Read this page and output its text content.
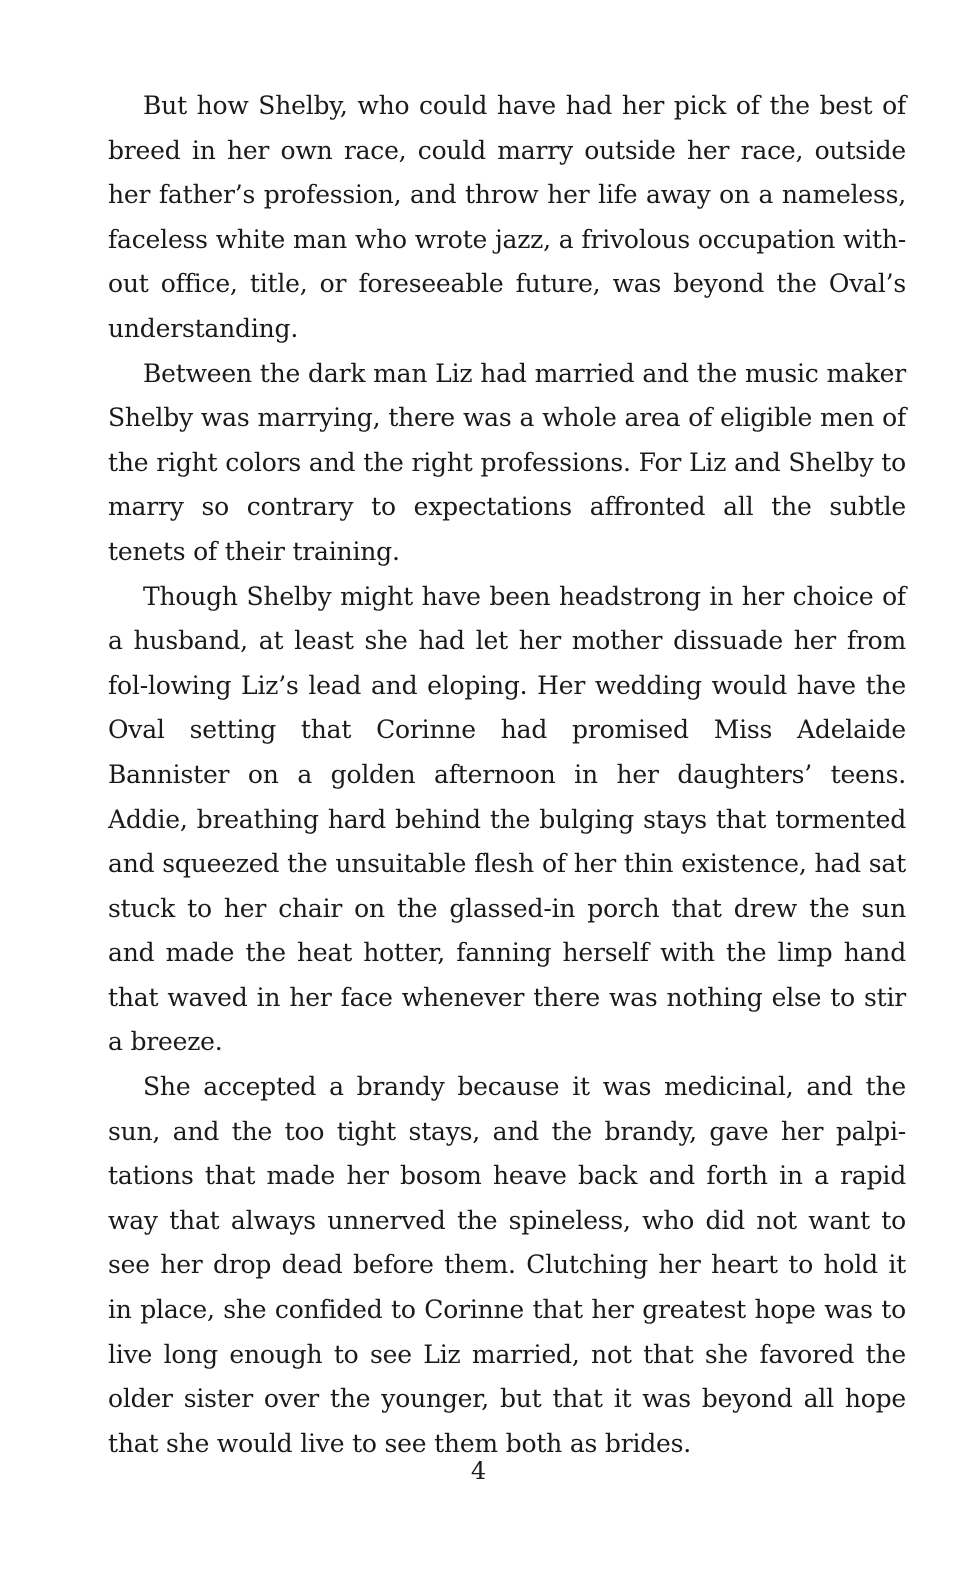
But how Shelby, who could have had her pick of the best of breed in her own race, could marry outside her race, outside her father’s profession, and throw her life away on a nameless, faceless white man who wrote jazz, a frivolous occupation with-out office, title, or foreseeable future, was beyond the Oval’s understanding.

Between the dark man Liz had married and the music maker Shelby was marrying, there was a whole area of eligible men of the right colors and the right professions. For Liz and Shelby to marry so contrary to expectations affronted all the subtle tenets of their training.

Though Shelby might have been headstrong in her choice of a husband, at least she had let her mother dissuade her from fol-lowing Liz’s lead and eloping. Her wedding would have the Oval setting that Corinne had promised Miss Adelaide Bannister on a golden afternoon in her daughters’ teens. Addie, breathing hard behind the bulging stays that tormented and squeezed the unsuitable flesh of her thin existence, had sat stuck to her chair on the glassed-in porch that drew the sun and made the heat hotter, fanning herself with the limp hand that waved in her face whenever there was nothing else to stir a breeze.

She accepted a brandy because it was medicinal, and the sun, and the too tight stays, and the brandy, gave her palpi-tations that made her bosom heave back and forth in a rapid way that always unnerved the spineless, who did not want to see her drop dead before them. Clutching her heart to hold it in place, she confided to Corinne that her greatest hope was to live long enough to see Liz married, not that she favored the older sister over the younger, but that it was beyond all hope that she would live to see them both as brides.

4
